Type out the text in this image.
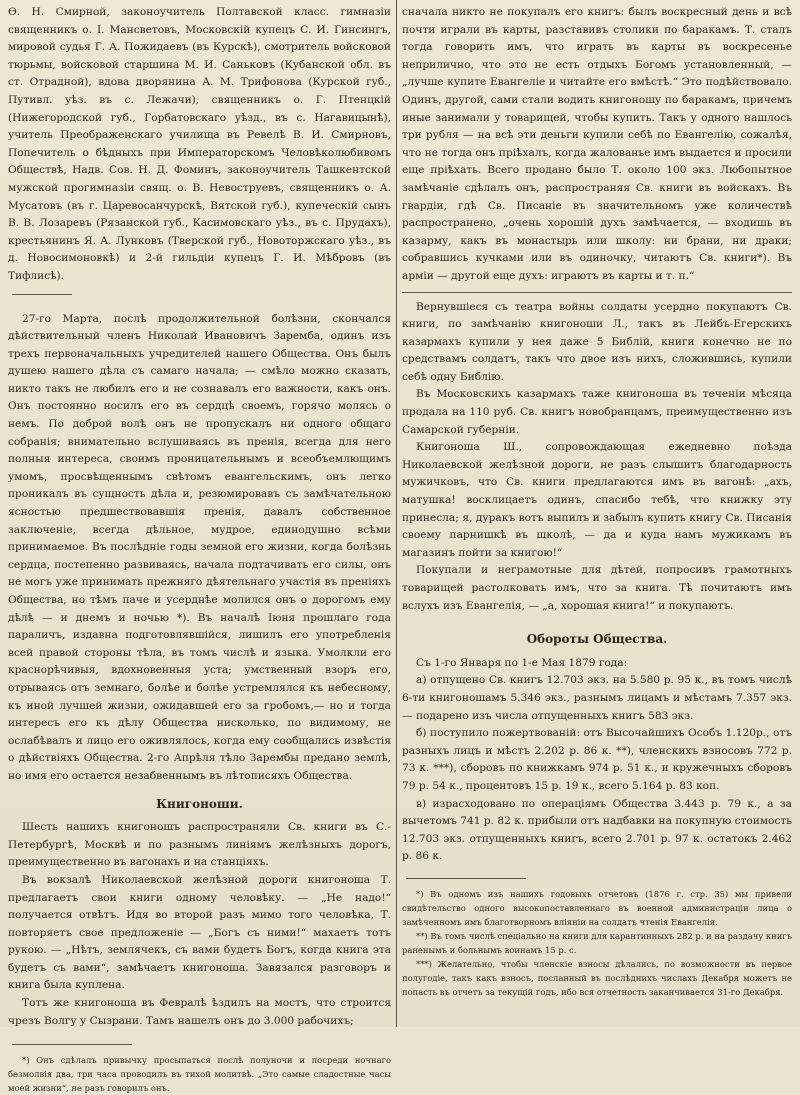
Ѳ. Н. Смирной, законоучитель Полтавской класс. гимназіи священникъ о. І. Мансветовъ, Московскій купецъ С. И. Гинсингъ, мировой судья Г. А. Пожидаевъ (въ Курскѣ), смотритель войсковой тюрьмы, войсковой старшина М. И. Саньковъ (Кубанской обл. въ ст. Отрадной), вдова дворянина А. М. Трифонова (Курской губ., Путивл. уѣз. въ с. Лежачи), священникъ о. Г. Птенцкій (Нижегородской губ., Горбатовскаго уѣзд., въ с. Нагавицынѣ), учитель Преображенскаго училища въ Ревелѣ В. И. Смирновъ, Попечитель о бѣдныхъ при Императорскомъ Человѣколюбивомъ Обществѣ, Надв. Сов. Н. Д. Фоминъ, законоучитель Ташкентской мужской прогимназіи свящ. о. В. Невоструевъ, священникъ о. А. Мусатовъ (въ г. Царевосанчурскѣ, Вятской губ.), купеческій сынъ В. В. Лозаревъ (Рязанской губ., Касимовскаго уѣз., въ с. Прудахъ), крестьянинъ Я. А. Лунковъ (Тверской губ., Новоторжскаго уѣз., въ д. Новосимоновкѣ) и 2-й гильдіи купецъ Г. И. Мѣбровъ (въ Тифлисѣ).

27-го Марта, послѣ продолжительной болѣзни, скончался дѣйствительный членъ Николай Ивановичъ Заремба, одинъ изъ трехъ первоначальныхъ учредителей нашего Общества. Онъ былъ душею нашего дѣла съ самаго начала; — смѣло можно сказать, никто такъ не любилъ его и не сознавалъ его важности, какъ онъ. Онъ постоянно носилъ его въ сердцѣ своемъ, горячо молясь о немъ. По доброй волѣ онъ не пропускалъ ни одного общаго собранія; внимательно вслушиваясь въ пренія, всегда для него полныя интереса, своимъ проницательнымъ и всеобъемлющимъ умомъ, просвѣщеннымъ свѣтомъ евангельскимъ, онъ легко проникалъ въ сущность дѣла и, резюмировавъ съ замѣчательною ясностью предшествовавшія пренія, давалъ собственное заключеніе, всегда дѣльное, мудрое, единодушно всѣми принимаемое. Въ послѣдніе годы земной его жизни, когда болѣзнь сердца, постепенно развиваясь, начала подтачивать его силы, онъ не могъ уже принимать прежняго дѣятельнаго участія въ преніяхъ Общества, но тѣмъ паче и усерднѣе молился онъ о дорогомъ ему дѣлѣ — и днемъ и ночью *). Въ началѣ Іюня прошлаго года параличъ, издавна подготовлявшійся, лишилъ его употребленія всей правой стороны тѣла, въ томъ числѣ и языка. Умолкли его краснорѣчивыя, вдохновенныя уста; умственный взоръ его, отрываясь отъ земнаго, болѣе и болѣе устремлялся къ небесному, къ иной лучшей жизни, ожидавшей его за гробомъ,— но и тогда интересъ его къ дѣлу Общества нисколько, по видимому, не ослабѣвалъ и лицо его оживлялось, когда ему сообщались извѣстія о дѣйствіяхъ Общества. 2-го Апрѣля тѣло Зарембы предано землѣ, но имя его остается незабвеннымъ въ лѣтописяхъ Общества.

Книгоноши.

Шесть нашихъ книгоношъ распространяли Св. книги въ С.-Петербургѣ, Москвѣ и по разнымъ линіямъ желѣзныхъ дорогъ, преимущественно въ вагонахъ и на станціяхъ.

Въ вокзалѣ Николаевской желѣзной дороги книгоноша Т. предлагаетъ свои книги одному человѣку. — „Не надо!“ получается отвѣтъ. Идя во второй разъ мимо того человѣка, Т. повторяетъ свое предложеніе — „Богъ съ ними!“ махаетъ тотъ рукою. — „Нѣтъ, землячекъ, съ вами будетъ Богъ, когда книга эта будетъ съ вами“, замѣчаетъ книгоноша. Завязался разговоръ и книга была куплена.

Тотъ же книгоноша въ Февралѣ ѣздилъ на мостъ, что строится чрезъ Волгу у Сызрани. Тамъ нашелъ онъ до 3.000 рабочихъ;

*) Онъ сдѣлалъ привычку просыпаться послѣ полуночи и посреди ночнаго безмолвія два, три часа проводилъ въ тихой молитвѣ. „Это самые сладостные часы моей жизни“, не разъ говорилъ онъ.

сначала никто не покупалъ его книгъ: былъ воскресный день и всѣ почти играли въ карты, разставивъ столики по баракамъ. Т. сталъ тогда говорить имъ, что играть въ карты въ воскресенье неприлично, что это не есть отдыхъ Богомъ установленный, — „лучше купите Евангеліе и читайте его вмѣстѣ.“ Это подѣйствовало. Одинъ, другой, сами стали водить книгоношу по баракамъ, причемъ иные занимали у товарищей, чтобы купить. Такъ у одного нашлось три рубля — на всѣ эти деньги купили себѣ по Евангелію, сожалѣя, что не тогда онъ пріѣхалъ, когда жалованье имъ выдается и просили еще пріѣхать. Всего продано было Т. около 100 экз. Любопытное замѣчаніе сдѣлалъ онъ, распространяя Св. книги въ войскахъ. Въ гвардіи, гдѣ Св. Писаніе въ значительномъ уже количествѣ распространено, „очень хорошій духъ замѣчается, — входишь въ казарму, какъ въ монастырь или школу: ни брани, ни драки; собравшись кучками или въ одиночку, читаютъ Св. книги*). Въ арміи — другой еще духъ: играютъ въ карты и т. п.“

Вернувшіеся съ театра войны солдаты усердно покупаютъ Св. книги, по замѣчанію книгоноши Л., такъ въ Лейбъ-Егерскихъ казармахъ купили у нея даже 5 Библій, книги конечно не по средствамъ солдатъ, такъ что двое изъ нихъ, сложившись, купили себѣ одну Библію.

Въ Московскихъ казармахъ таже книгоноша въ теченіи мѣсяца продала на 110 руб. Св. книгъ новобранцамъ, преимущественно изъ Самарской губерніи.

Книгоноша Ш., сопровождающая ежедневно поѣзда Николаевской желѣзной дороги, не разъ слышитъ благодарность мужичковъ, что Св. книги предлагаются имъ въ вагонѣ: „ахъ, матушка! восклицаетъ одинъ, спасибо тебѣ, что книжку эту принесла; я, дуракъ вотъ выпилъ и забылъ купить книгу Св. Писанія своему парнишкѣ въ школѣ, — да и куда намъ мужикамъ въ магазинъ пойти за книгою!“

Покупали и неграмотные для дѣтей, попросивъ грамотныхъ товарищей растолковать имъ, что за книга. Тѣ почитаютъ имъ вслухъ изъ Евангелія, — „а, хорошая книга!“ и покупаютъ.

Обороты Общества.

Съ 1-го Января по 1-е Мая 1879 года:

а) отпущено Св. книгъ 12.703 экз. на 5.580 р. 95 к., въ томъ числѣ 6-ти книгоношамъ 5.346 экз., разнымъ лицамъ и мѣстамъ 7.357 экз. — подарено изъ числа отпущенныхъ книгъ 583 экз.

б) поступило пожертвованій: отъ Высочайшихъ Особъ 1.120р., отъ разныхъ лицъ и мѣстъ 2.202 р. 86 к. **), членскихъ взносовъ 772 р. 73 к. ***), сборовъ по книжкамъ 974 р. 51 к., и кружечныхъ сборовъ 79 р. 54 к., процентовъ 15 р. 19 к., всего 5.164 р. 83 коп.

в) израсходовано по операціямъ Общества 3.443 р. 79 к., а за вычетомъ 741 р. 82 к. прибыли отъ надбавки на покупную стоимость 12.703 экз. отпущенныхъ книгъ, всего 2.701 р. 97 к. остатокъ 2.462 р. 86 к.

*) Въ одномъ изъ нашихъ годовыхъ отчетовъ (1876 г. стр. 35) мы привели свидѣтельство одного высокопоставленнаго въ военной администраціи лица о замѣченномъ имъ благотворномъ вліяніи на солдатъ чтенія Евангелія.

**) Въ томъ числѣ спеціально на книги для карантинныхъ 282 р. и на раздачу книгъ раненымъ и больнымъ воинамъ 15 р. с.

***) Желательно, чтобы членскіе взносы дѣлались, по возможности въ первое полугодіе, такъ какъ взносъ, посланный въ послѣднихъ числахъ Декабря можетъ не попасть въ отчетъ за текущій годъ, ибо вся отчетность заканчивается 31-го Декабря.
